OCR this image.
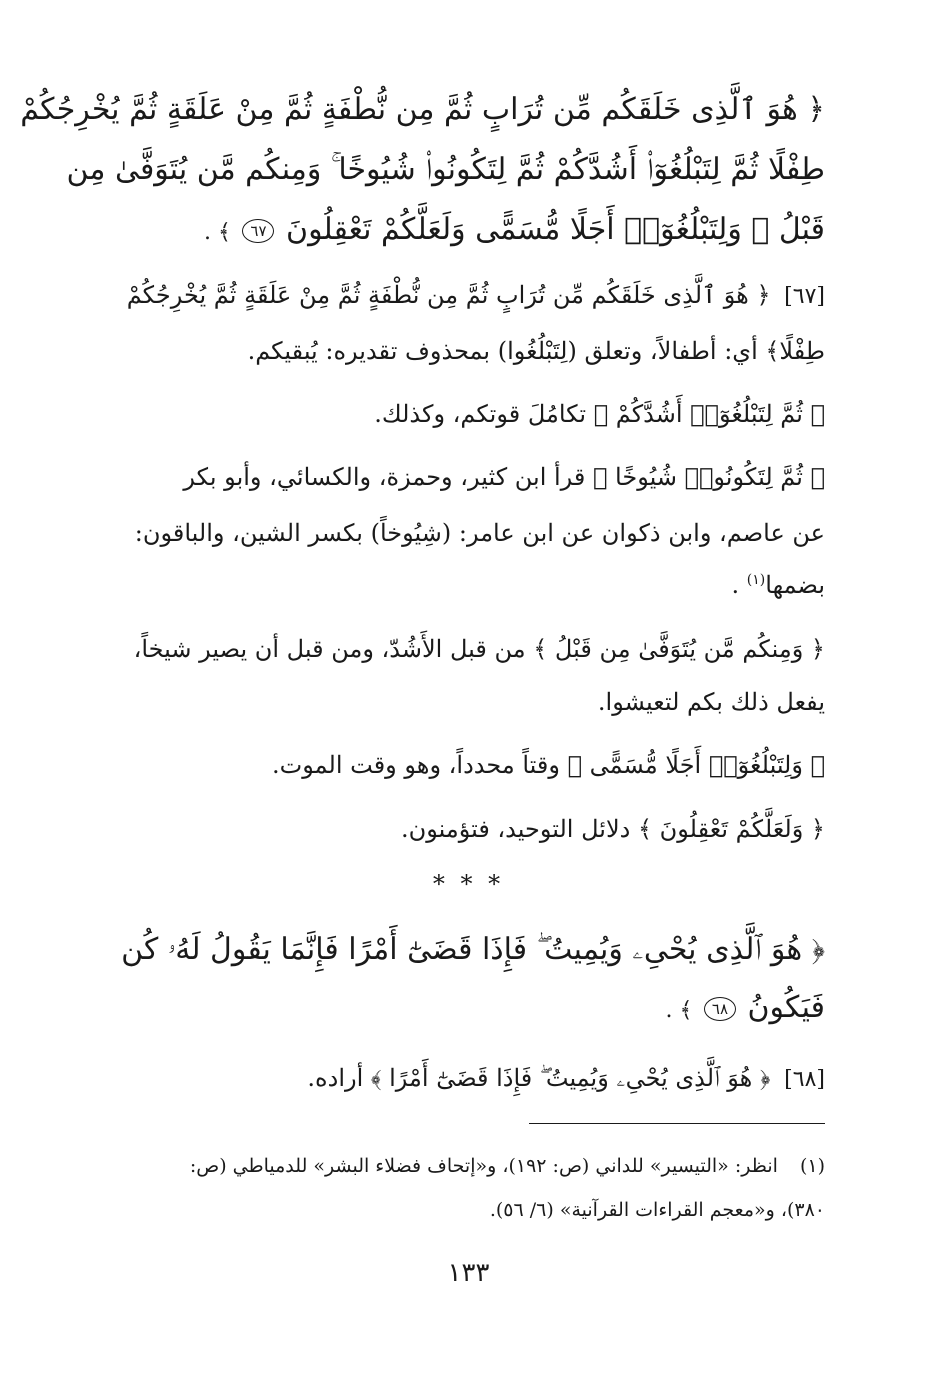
﴿ هُوَ ٱلَّذِى خَلَقَكُم مِّن تُرَابٍ ثُمَّ مِن نُّطْفَةٍ ثُمَّ مِنْ عَلَقَةٍ ثُمَّ يُخْرِجُكُمْ
طِفْلًا ثُمَّ لِتَبْلُغُوٓا۟ أَشُدَّكُمْ ثُمَّ لِتَكُونُوا۟ شُيُوخًا ۚ وَمِنكُم مَّن يُتَوَفَّىٰ مِن
قَبْلُ ۖ وَلِتَبْلُغُوٓا۟ أَجَلًا مُّسَمًّى وَلَعَلَّكُمْ تَعْقِلُونَ ٦٧ ﴾ .
[٦٧] ﴿ هُوَ ٱلَّذِى خَلَقَكُم مِّن تُرَابٍ ثُمَّ مِن نُّطْفَةٍ ثُمَّ مِنْ عَلَقَةٍ ثُمَّ يُخْرِجُكُمْ
طِفْلًا﴾ أي: أطفالاً، وتعلق (لِتَبْلُغُوا) بمحذوف تقديره: يُبقيكم.
﴿ ثُمَّ لِتَبْلُغُوٓا۟ أَشُدَّكُمْ ﴾ تكامُلَ قوتكم، وكذلك.
﴿ ثُمَّ لِتَكُونُوا۟ شُيُوخًا ﴾ قرأ ابن كثير، وحمزة، والكسائي، وأبو بكر
عن عاصم، وابن ذكوان عن ابن عامر: (شِيُوخاً) بكسر الشين، والباقون:
بضمها$^{(١)}$ .
﴿ وَمِنكُم مَّن يُتَوَفَّىٰ مِن قَبْلُ ﴾ من قبل الأَشُدّ، ومن قبل أن يصير شيخاً،
يفعل ذلك بكم لتعيشوا.
﴿ وَلِتَبْلُغُوٓا۟ أَجَلًا مُّسَمًّى ﴾ وقتاً محدداً، وهو وقت الموت.
﴿ وَلَعَلَّكُمْ تَعْقِلُونَ ﴾ دلائل التوحيد، فتؤمنون.
* * *
﴿ هُوَ ٱلَّذِى يُحْىِۦ وَيُمِيتُ ۖ فَإِذَا قَضَىٰٓ أَمْرًا فَإِنَّمَا يَقُولُ لَهُۥ كُن
فَيَكُونُ ٦٨ ﴾ .
[٦٨] ﴿ هُوَ ٱلَّذِى يُحْىِۦ وَيُمِيتُ ۖ فَإِذَا قَضَىٰٓ أَمْرًا ﴾ أراده.
(١) انظر: «التيسير» للداني (ص: ١٩٢)، و«إتحاف فضلاء البشر» للدمياطي (ص:
٣٨٠)، و«معجم القراءات القرآنية» (٦/ ٥٦).
١٣٣
